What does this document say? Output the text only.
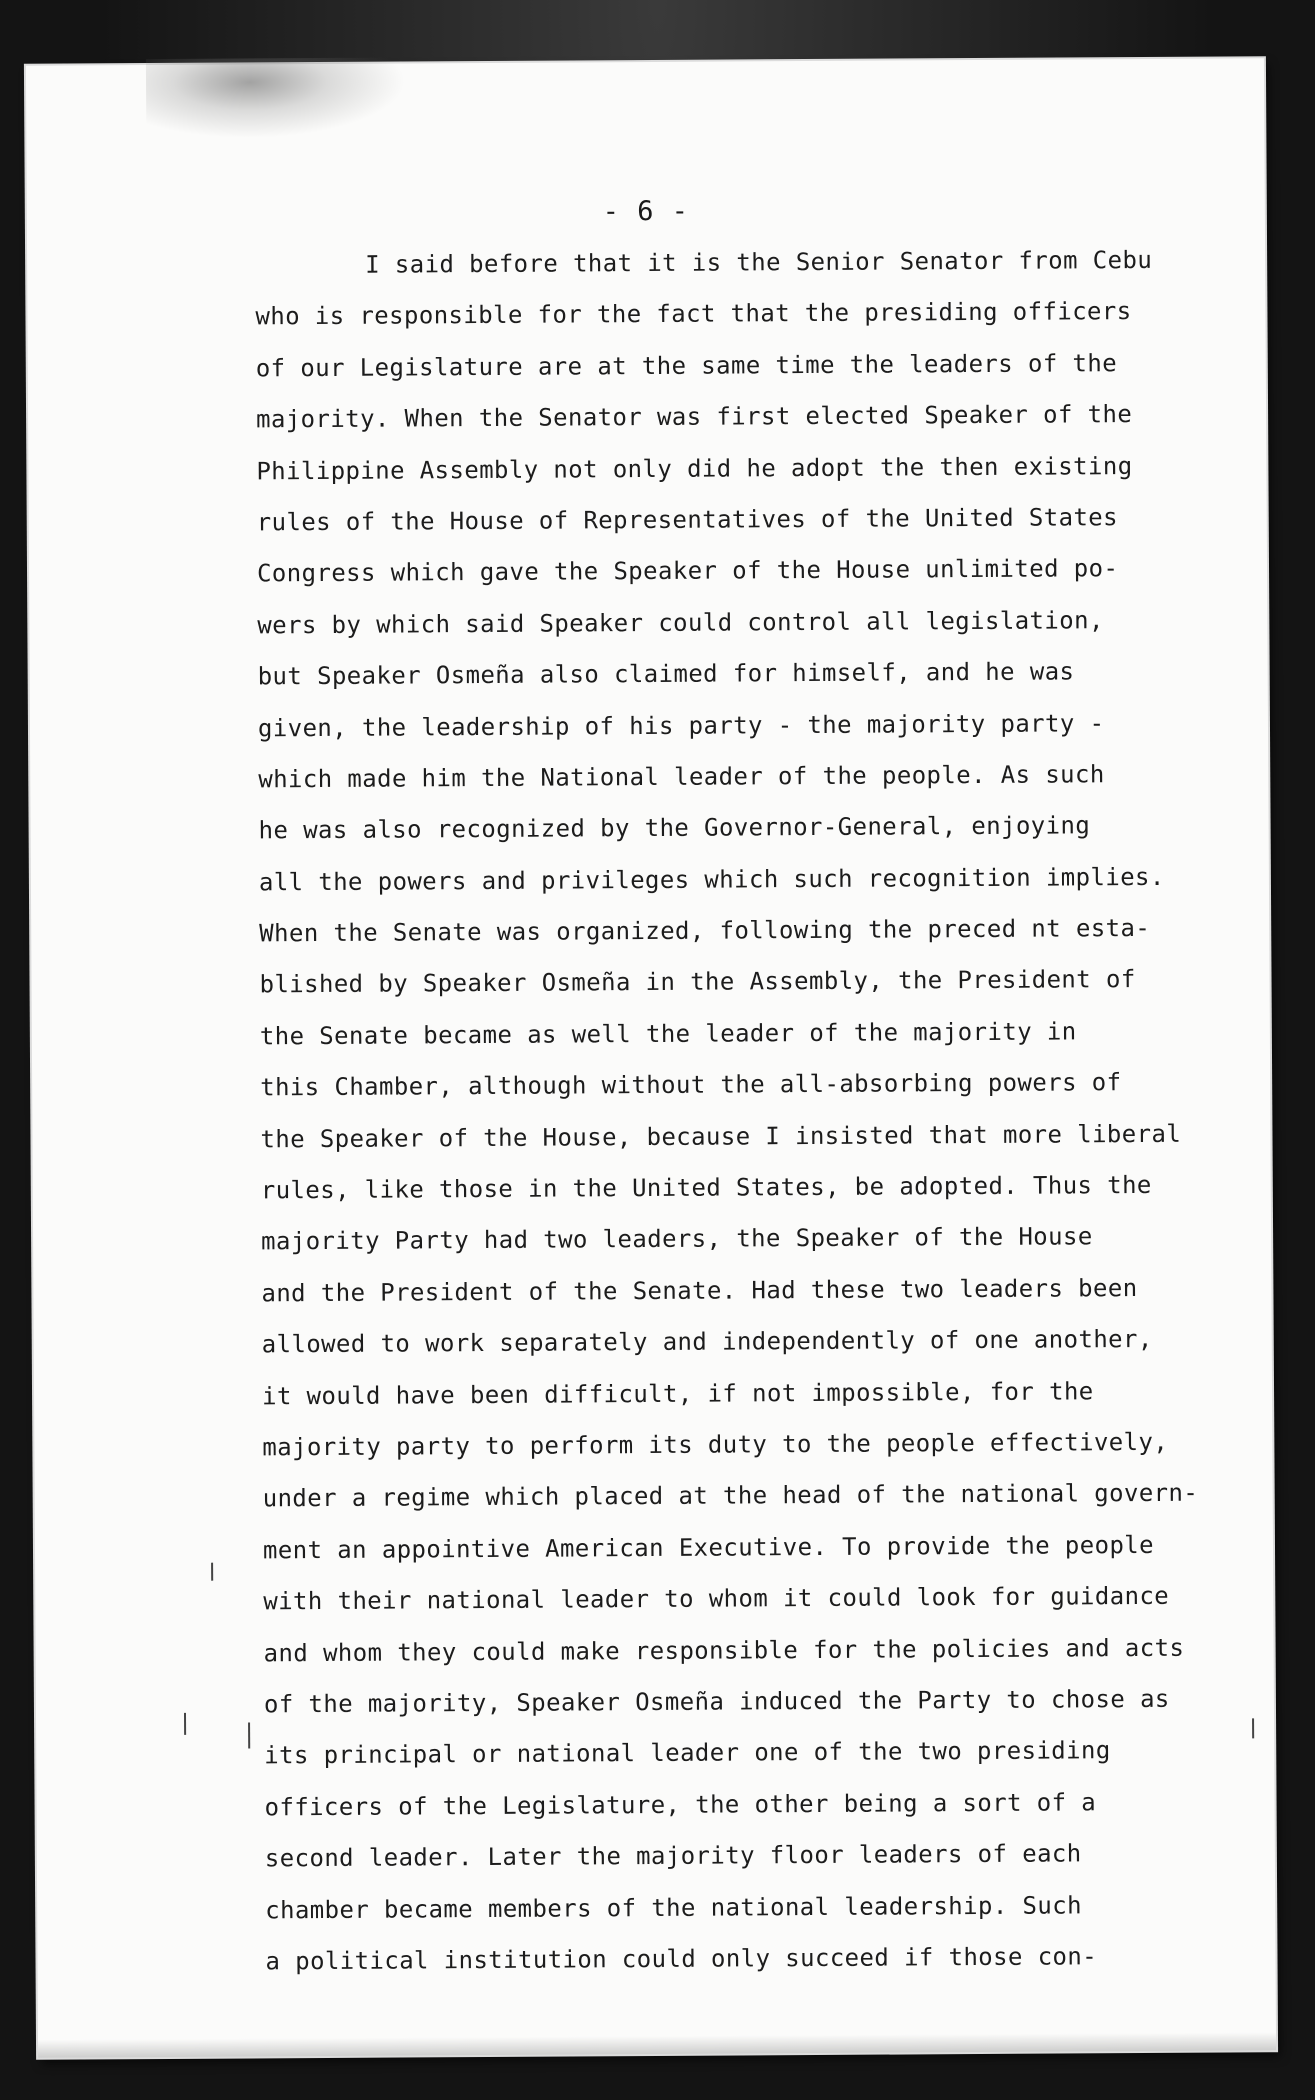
- 6 -
I said before that it is the Senior Senator from Cebu
who is responsible for the fact that the presiding officers
of our Legislature are at the same time the leaders of the
majority. When the Senator was first elected Speaker of the
Philippine Assembly not only did he adopt the then existing
rules of the House of Representatives of the United States
Congress which gave the Speaker of the House unlimited po-
wers by which said Speaker could control all legislation,
but Speaker Osmeña also claimed for himself, and he was
given, the leadership of his party - the majority party -
which made him the National leader of the people. As such
he was also recognized by the Governor-General, enjoying
all the powers and privileges which such recognition implies.
When the Senate was organized, following the preced nt esta-
blished by Speaker Osmeña in the Assembly, the President of
the Senate became as well the leader of the majority in
this Chamber, although without the all-absorbing powers of
the Speaker of the House, because I insisted that more liberal
rules, like those in the United States, be adopted. Thus the
majority Party had two leaders, the Speaker of the House
and the President of the Senate. Had these two leaders been
allowed to work separately and independently of one another,
it would have been difficult, if not impossible, for the
majority party to perform its duty to the people effectively,
under a regime which placed at the head of the national govern-
ment an appointive American Executive. To provide the people
with their national leader to whom it could look for guidance
and whom they could make responsible for the policies and acts
of the majority, Speaker Osmeña induced the Party to chose as
its principal or national leader one of the two presiding
officers of the Legislature, the other being a sort of a
second leader. Later the majority floor leaders of each
chamber became members of the national leadership. Such
a political institution could only succeed if those con-
